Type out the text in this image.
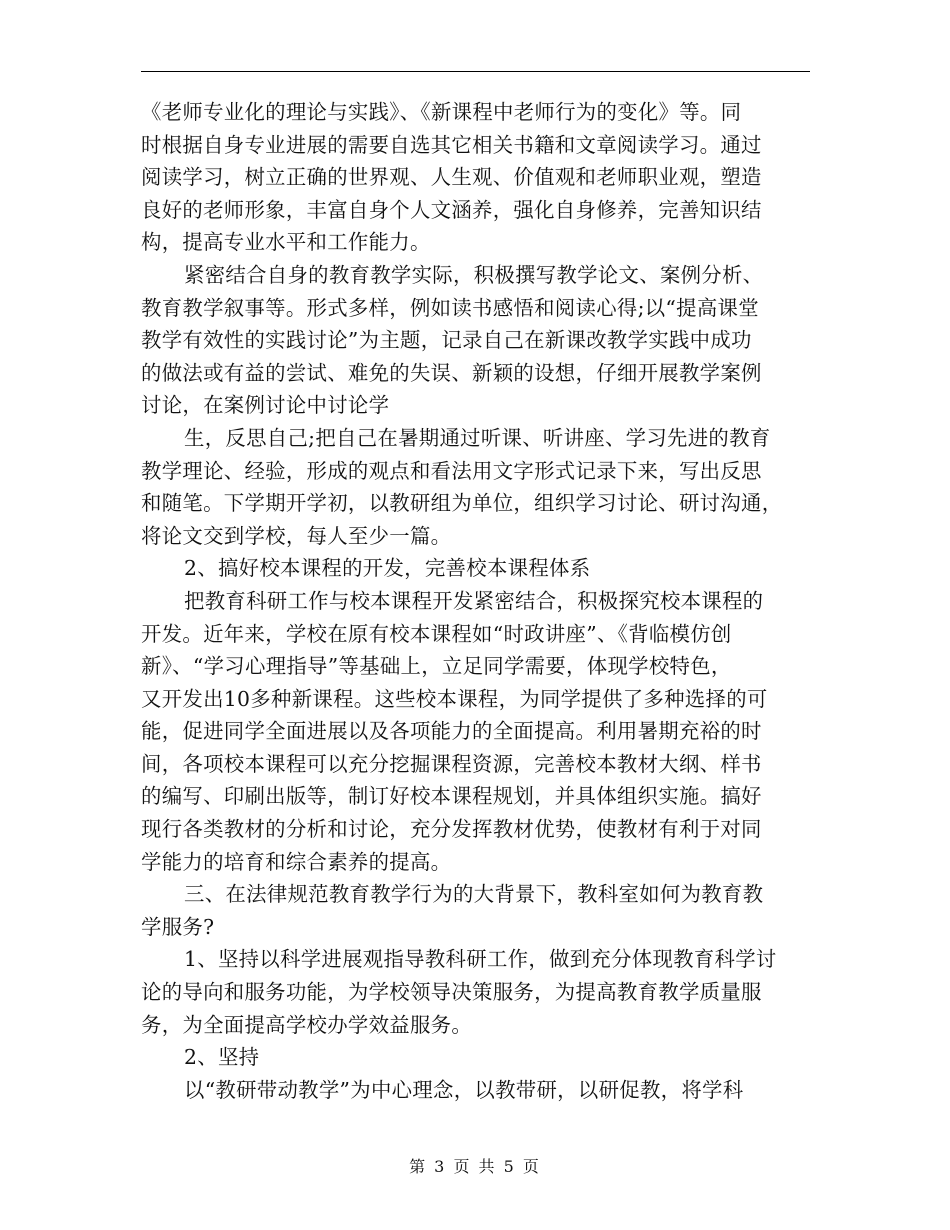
《老师专业化的理论与实践》、《新课程中老师行为的变化》等。同
时根据自身专业进展的需要自选其它相关书籍和文章阅读学习。通过
阅读学习，树立正确的世界观、人生观、价值观和老师职业观，塑造
良好的老师形象，丰富自身个人文涵养，强化自身修养，完善知识结
构，提高专业水平和工作能力。
紧密结合自身的教育教学实际，积极撰写教学论文、案例分析、
教育教学叙事等。形式多样，例如读书感悟和阅读心得;以“提高课堂
教学有效性的实践讨论”为主题，记录自己在新课改教学实践中成功
的做法或有益的尝试、难免的失误、新颖的设想，仔细开展教学案例
讨论，在案例讨论中讨论学
生，反思自己;把自己在暑期通过听课、听讲座、学习先进的教育
教学理论、经验，形成的观点和看法用文字形式记录下来，写出反思
和随笔。下学期开学初，以教研组为单位，组织学习讨论、研讨沟通，
将论文交到学校，每人至少一篇。
2、搞好校本课程的开发，完善校本课程体系
把教育科研工作与校本课程开发紧密结合，积极探究校本课程的
开发。近年来，学校在原有校本课程如“时政讲座”、《背临模仿创
新》、“学习心理指导”等基础上，立足同学需要，体现学校特色，
又开发出10多种新课程。这些校本课程，为同学提供了多种选择的可
能，促进同学全面进展以及各项能力的全面提高。利用暑期充裕的时
间，各项校本课程可以充分挖掘课程资源，完善校本教材大纲、样书
的编写、印刷出版等，制订好校本课程规划，并具体组织实施。搞好
现行各类教材的分析和讨论，充分发挥教材优势，使教材有利于对同
学能力的培育和综合素养的提高。
三、在法律规范教育教学行为的大背景下，教科室如何为教育教
学服务?
1、坚持以科学进展观指导教科研工作，做到充分体现教育科学讨
论的导向和服务功能，为学校领导决策服务，为提高教育教学质量服
务，为全面提高学校办学效益服务。
2、坚持
以“教研带动教学”为中心理念，以教带研，以研促教，将学科
第 3 页 共 5 页
